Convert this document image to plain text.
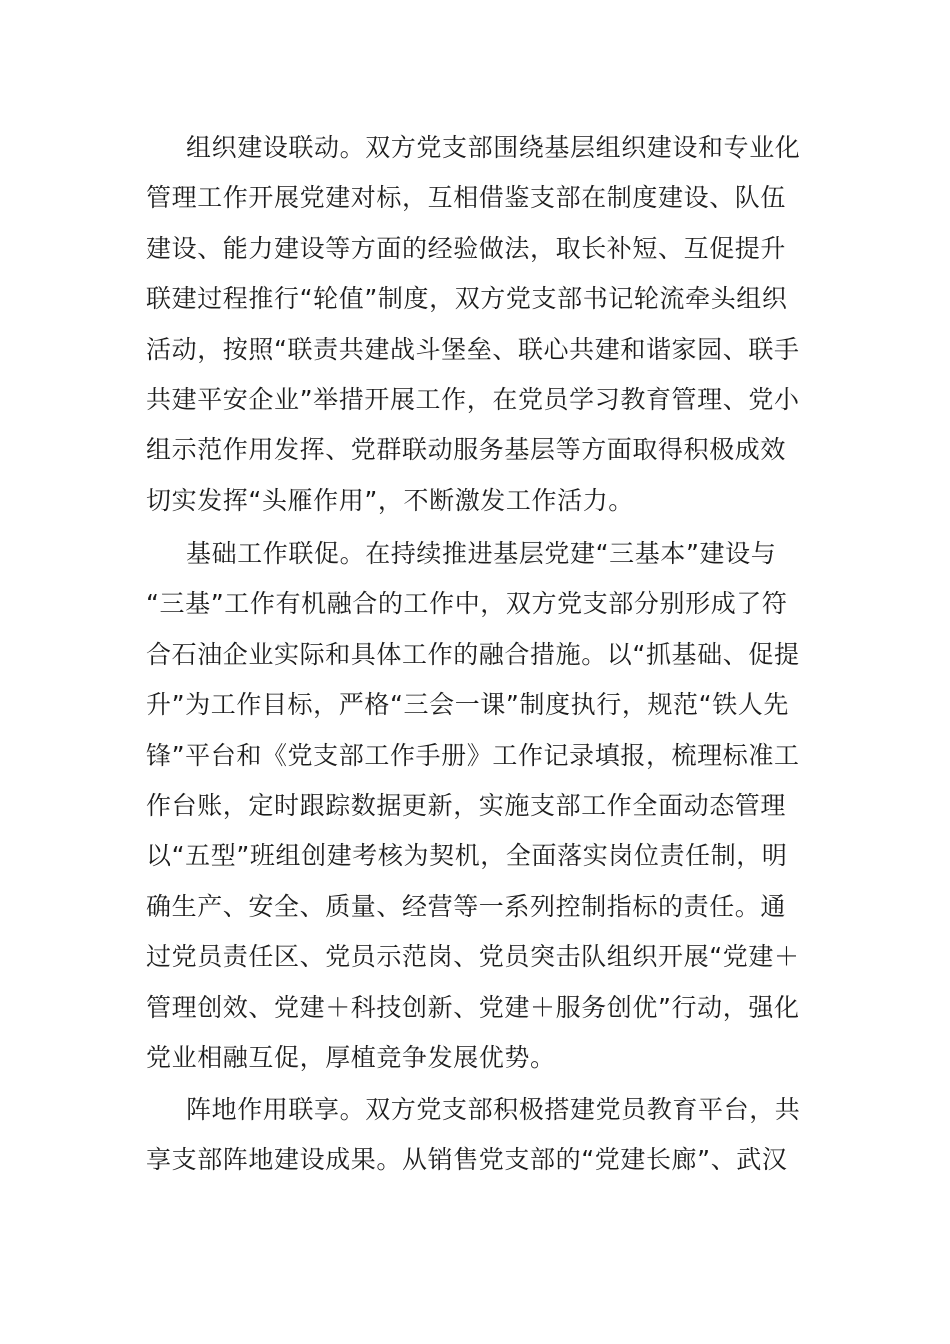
组织建设联动。双方党支部围绕基层组织建设和专业化
管理工作开展党建对标，互相借鉴支部在制度建设、队伍
建设、能力建设等方面的经验做法，取长补短、互促提升
联建过程推行“轮值”制度，双方党支部书记轮流牵头组织
活动，按照“联责共建战斗堡垒、联心共建和谐家园、联手
共建平安企业”举措开展工作，在党员学习教育管理、党小
组示范作用发挥、党群联动服务基层等方面取得积极成效
切实发挥“头雁作用”，不断激发工作活力。
基础工作联促。在持续推进基层党建“三基本”建设与
“三基”工作有机融合的工作中，双方党支部分别形成了符
合石油企业实际和具体工作的融合措施。以“抓基础、促提
升”为工作目标，严格“三会一课”制度执行，规范“铁人先
锋”平台和《党支部工作手册》工作记录填报，梳理标准工
作台账，定时跟踪数据更新，实施支部工作全面动态管理
以“五型”班组创建考核为契机，全面落实岗位责任制，明
确生产、安全、质量、经营等一系列控制指标的责任。通
过党员责任区、党员示范岗、党员突击队组织开展“党建＋
管理创效、党建＋科技创新、党建＋服务创优”行动，强化
党业相融互促，厚植竞争发展优势。
阵地作用联享。双方党支部积极搭建党员教育平台，共
享支部阵地建设成果。从销售党支部的“党建长廊”、武汉
